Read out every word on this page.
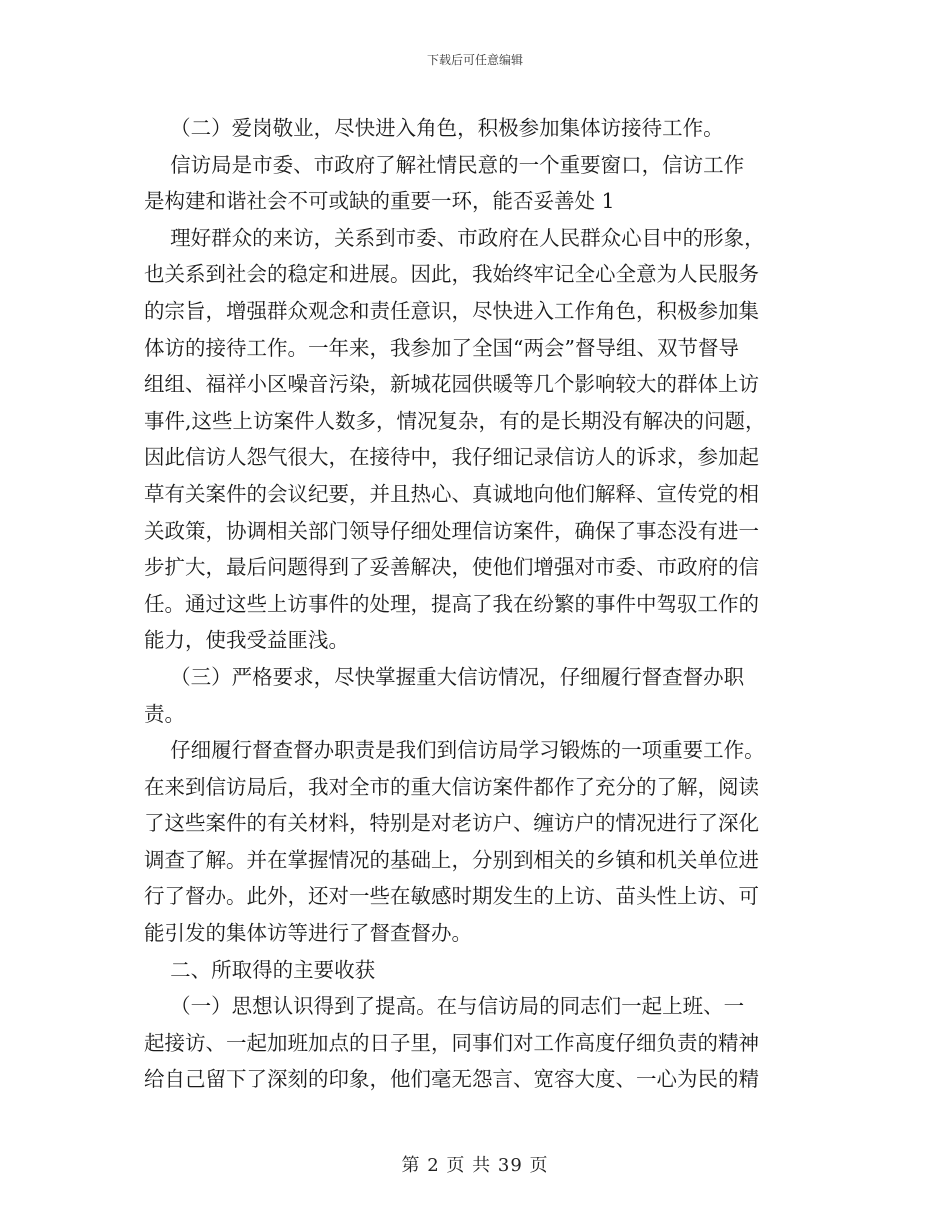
下载后可任意编辑

（二）爱岗敬业，尽快进入角色，积极参加集体访接待工作。
信访局是市委、市政府了解社情民意的一个重要窗口，信访工作
是构建和谐社会不可或缺的重要一环，能否妥善处 1
理好群众的来访，关系到市委、市政府在人民群众心目中的形象，
也关系到社会的稳定和进展。因此，我始终牢记全心全意为人民服务
的宗旨，增强群众观念和责任意识，尽快进入工作角色，积极参加集
体访的接待工作。一年来，我参加了全国“两会”督导组、双节督导
组组、福祥小区噪音污染，新城花园供暖等几个影响较大的群体上访
事件,这些上访案件人数多，情况复杂，有的是长期没有解决的问题，
因此信访人怨气很大，在接待中，我仔细记录信访人的诉求，参加起
草有关案件的会议纪要，并且热心、真诚地向他们解释、宣传党的相
关政策，协调相关部门领导仔细处理信访案件，确保了事态没有进一
步扩大，最后问题得到了妥善解决，使他们增强对市委、市政府的信
任。通过这些上访事件的处理，提高了我在纷繁的事件中驾驭工作的
能力，使我受益匪浅。
（三）严格要求，尽快掌握重大信访情况，仔细履行督查督办职
责。
仔细履行督查督办职责是我们到信访局学习锻炼的一项重要工作。
在来到信访局后，我对全市的重大信访案件都作了充分的了解，阅读
了这些案件的有关材料，特别是对老访户、缠访户的情况进行了深化
调查了解。并在掌握情况的基础上，分别到相关的乡镇和机关单位进
行了督办。此外，还对一些在敏感时期发生的上访、苗头性上访、可
能引发的集体访等进行了督查督办。
二、所取得的主要收获
（一）思想认识得到了提高。在与信访局的同志们一起上班、一
起接访、一起加班加点的日子里，同事们对工作高度仔细负责的精神
给自己留下了深刻的印象，他们毫无怨言、宽容大度、一心为民的精

第 2 页 共 39 页
